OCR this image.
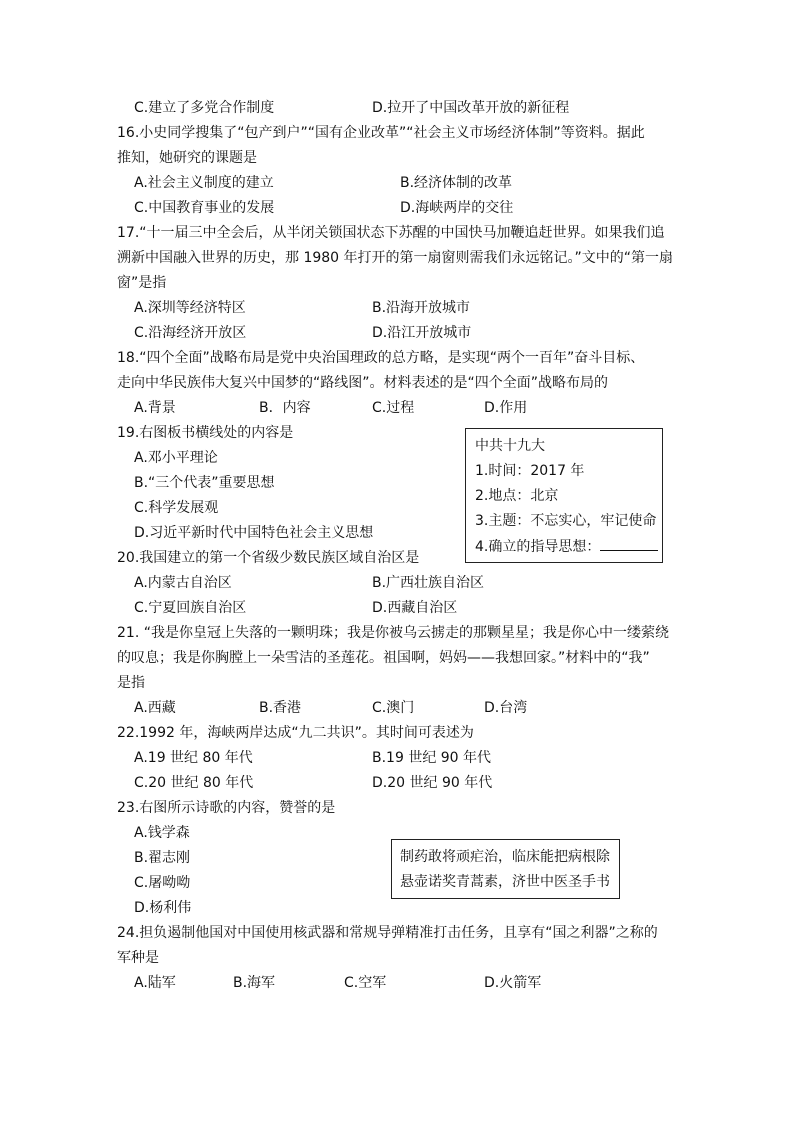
C.建立了多党合作制度	D.拉开了中国改革开放的新征程
16.小史同学搜集了“包产到户”“国有企业改革”“社会主义市场经济体制”等资料。据此
推知，她研究的课题是
A.社会主义制度的建立	B.经济体制的改革
C.中国教育事业的发展	D.海峡两岸的交往
17.“十一届三中全会后，从半闭关锁国状态下苏醒的中国快马加鞭追赶世界。如果我们追
溯新中国融入世界的历史，那 1980 年打开的第一扇窗则需我们永远铭记。”文中的“第一扇
窗”是指
A.深圳等经济特区	B.沿海开放城市
C.沿海经济开放区	D.沿江开放城市
18.“四个全面”战略布局是党中央治国理政的总方略，是实现“两个一百年”奋斗目标、
走向中华民族伟大复兴中国梦的“路线图”。材料表述的是“四个全面”战略布局的
A.背景	B．内容	C.过程	D.作用
19.右图板书横线处的内容是
A.邓小平理论
B.“三个代表”重要思想
C.科学发展观
D.习近平新时代中国特色社会主义思想
中共十九大
1.时间：2017 年
2.地点：北京
3.主题：不忘实心，牢记使命
4.确立的指导思想：
20.我国建立的第一个省级少数民族区域自治区是
A.内蒙古自治区	B.广西壮族自治区
C.宁夏回族自治区	D.西藏自治区
21. “我是你皇冠上失落的一颗明珠；我是你被乌云掳走的那颗星星；我是你心中一缕萦绕
的叹息；我是你胸膛上一朵雪洁的圣莲花。祖国啊，妈妈——我想回家。”材料中的“我”
是指
A.西藏	B.香港	C.澳门	D.台湾
22.1992 年，海峡两岸达成“九二共识”。其时间可表述为
A.19 世纪 80 年代	B.19 世纪 90 年代
C.20 世纪 80 年代	D.20 世纪 90 年代
23.右图所示诗歌的内容，赞誉的是
A.钱学森
B.翟志刚
C.屠呦呦
D.杨利伟
制药敢将顽疟治，临床能把病根除
悬壶诺奖青蒿素，济世中医圣手书
24.担负遏制他国对中国使用核武器和常规导弹精准打击任务，且享有“国之利器”之称的
军种是
A.陆军	B.海军	C.空军	D.火箭军
